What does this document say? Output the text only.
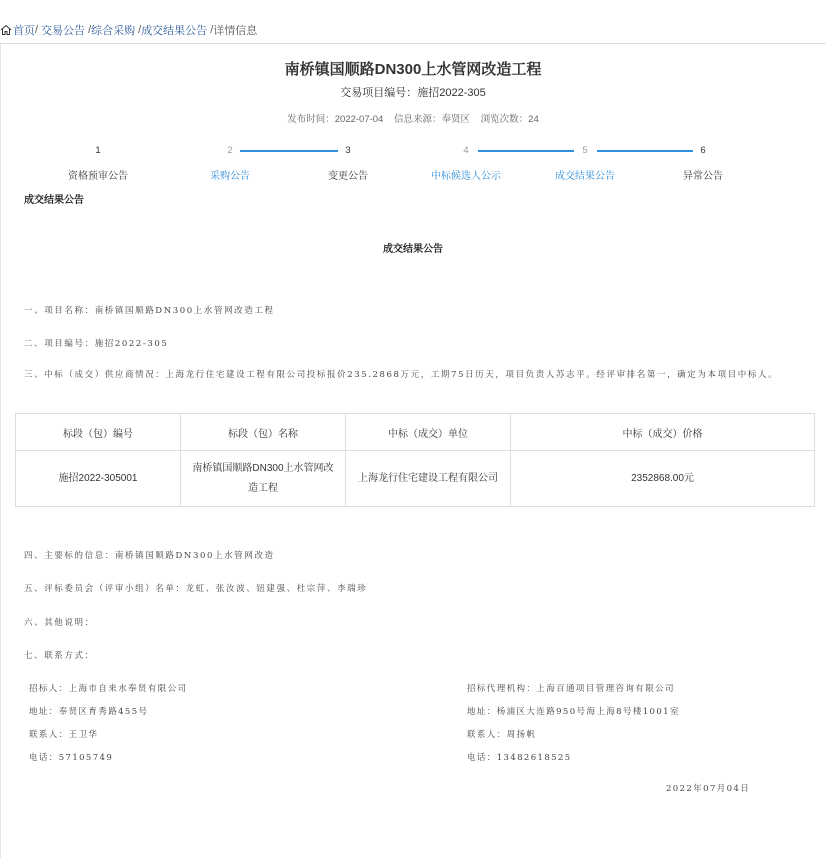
首页 / 交易公告 / 综合采购 / 成交结果公告 / 详情信息
南桥镇国顺路DN300上水管网改造工程
交易项目编号：施招2022-305
发布时间：2022-07-04 信息来源：奉贤区 浏览次数：24
1	2	3	4	5	6
资格预审公告	采购公告	变更公告	中标候选人公示	成交结果公告	异常公告
成交结果公告
成交结果公告
一、项目名称：南桥镇国顺路DN300上水管网改造工程
二、项目编号：施招2022-305
三、中标（成交）供应商情况：上海龙行住宅建设工程有限公司投标报价235.2868万元，工期75日历天，项目负责人苏志平。经评审排名第一，确定为本项目中标人。
标段（包）编号	标段（包）名称	中标（成交）单位	中标（成交）价格
施招2022-305001	南桥镇国顺路DN300上水管网改造工程	上海龙行住宅建设工程有限公司	2352868.00元
四、主要标的信息：南桥镇国顺路DN300上水管网改造
五、评标委员会（评审小组）名单：龙虹、张汝波、钮建强、杜宗萍、李瑞珍
六、其他说明：
七、联系方式：
招标人：上海市自来水奉贤有限公司
地址：奉贤区育秀路455号
联系人：王卫华
电话：57105749
招标代理机构：上海百通项目管理咨询有限公司
地址：杨浦区大连路950号海上海8号楼1001室
联系人：周扬帆
电话：13482618525
2022年07月04日
